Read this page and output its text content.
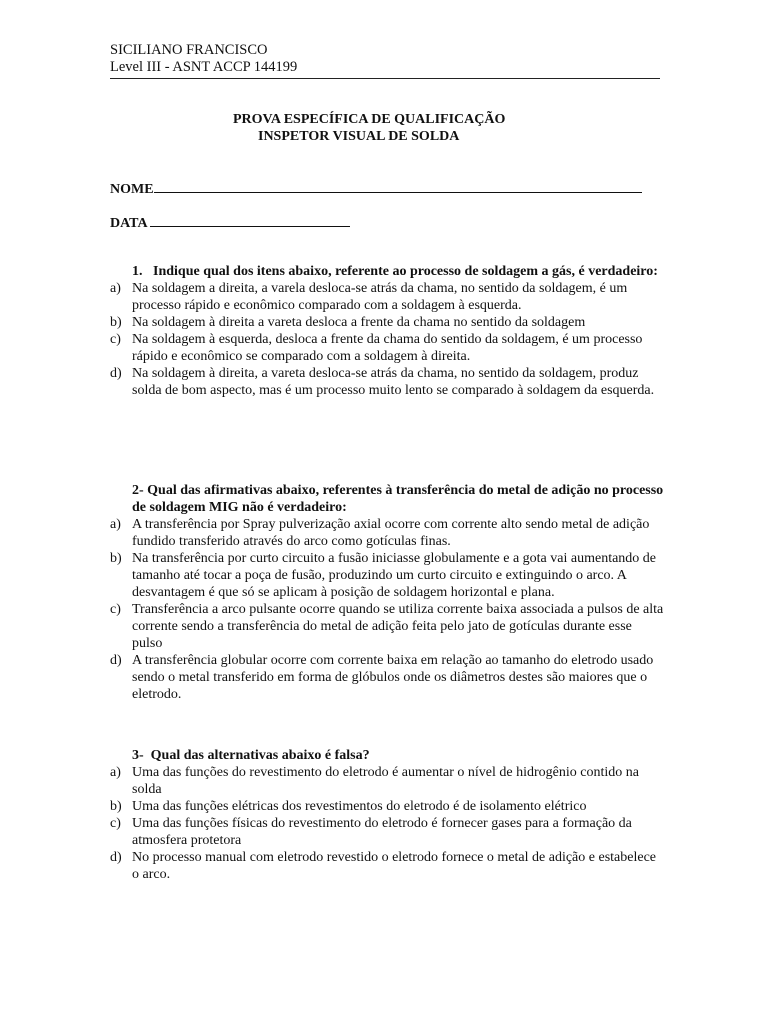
SICILIANO FRANCISCO
Level III - ASNT ACCP 144199
PROVA ESPECÍFICA DE QUALIFICAÇÃO
INSPETOR VISUAL DE SOLDA
NOME
DATA
1. Indique qual dos itens abaixo, referente ao processo de soldagem a gás, é verdadeiro:
a) Na soldagem a direita, a varela desloca-se atrás da chama, no sentido da soldagem, é um processo rápido e econômico comparado com a soldagem à esquerda.
b) Na soldagem à direita a vareta desloca a frente da chama no sentido da soldagem
c) Na soldagem à esquerda, desloca a frente da chama do sentido da soldagem, é um processo rápido e econômico se comparado com a soldagem à direita.
d) Na soldagem à direita, a vareta desloca-se atrás da chama, no sentido da soldagem, produz solda de bom aspecto, mas é um processo muito lento se comparado à soldagem da esquerda.
2- Qual das afirmativas abaixo, referentes à transferência do metal de adição no processo de soldagem MIG não é verdadeiro:
a) A transferência por Spray pulverização axial ocorre com corrente alto sendo metal de adição fundido transferido através do arco como gotículas finas.
b) Na transferência por curto circuito a fusão iniciasse globulamente e a gota vai aumentando de tamanho até tocar a poça de fusão, produzindo um curto circuito e extinguindo o arco. A desvantagem é que só se aplicam à posição de soldagem horizontal e plana.
c) Transferência a arco pulsante ocorre quando se utiliza corrente baixa associada a pulsos de alta corrente sendo a transferência do metal de adição feita pelo jato de gotículas durante esse pulso
d) A transferência globular ocorre com corrente baixa em relação ao tamanho do eletrodo usado sendo o metal transferido em forma de glóbulos onde os diâmetros destes são maiores que o eletrodo.
3- Qual das alternativas abaixo é falsa?
a) Uma das funções do revestimento do eletrodo é aumentar o nível de hidrogênio contido na solda
b) Uma das funções elétricas dos revestimentos do eletrodo é de isolamento elétrico
c) Uma das funções físicas do revestimento do eletrodo é fornecer gases para a formação da atmosfera protetora
d) No processo manual com eletrodo revestido o eletrodo fornece o metal de adição e estabelece o arco.
